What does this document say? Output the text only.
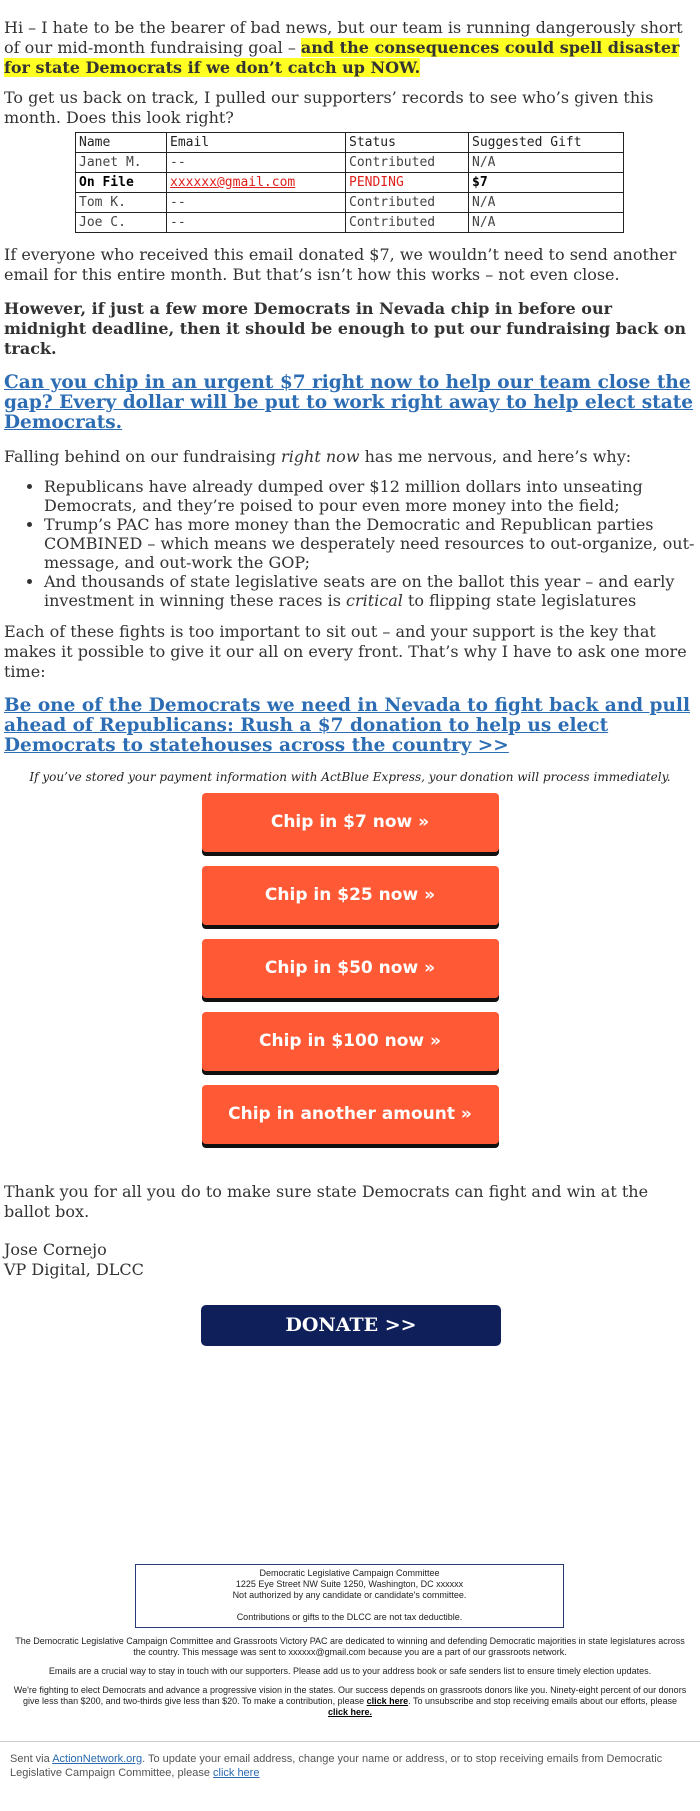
Hi – I hate to be the bearer of bad news, but our team is running dangerously short of our mid-month fundraising goal – and the consequences could spell disaster for state Democrats if we don’t catch up NOW.

To get us back on track, I pulled our supporters’ records to see who’s given this month. Does this look right?

Name	Email	Status	Suggested Gift
Janet M.	--	Contributed	N/A
On File	xxxxxx@gmail.com	PENDING	$7
Tom K.	--	Contributed	N/A
Joe C.	--	Contributed	N/A

If everyone who received this email donated $7, we wouldn’t need to send another email for this entire month. But that’s isn’t how this works – not even close.

However, if just a few more Democrats in Nevada chip in before our midnight deadline, then it should be enough to put our fundraising back on track.

Can you chip in an urgent $7 right now to help our team close the gap? Every dollar will be put to work right away to help elect state Democrats.

Falling behind on our fundraising right now has me nervous, and here’s why:

• Republicans have already dumped over $12 million dollars into unseating Democrats, and they’re poised to pour even more money into the field;
• Trump’s PAC has more money than the Democratic and Republican parties COMBINED – which means we desperately need resources to out-organize, out-message, and out-work the GOP;
• And thousands of state legislative seats are on the ballot this year – and early investment in winning these races is critical to flipping state legislatures

Each of these fights is too important to sit out – and your support is the key that makes it possible to give it our all on every front. That’s why I have to ask one more time:

Be one of the Democrats we need in Nevada to fight back and pull ahead of Republicans: Rush a $7 donation to help us elect Democrats to statehouses across the country >>

If you’ve stored your payment information with ActBlue Express, your donation will process immediately.

Chip in $7 now »
Chip in $25 now »
Chip in $50 now »
Chip in $100 now »
Chip in another amount »

Thank you for all you do to make sure state Democrats can fight and win at the ballot box.

Jose Cornejo
VP Digital, DLCC

DONATE >>
Democratic Legislative Campaign Committee
1225 Eye Street NW Suite 1250, Washington, DC xxxxxx
Not authorized by any candidate or candidate's committee.
Contributions or gifts to the DLCC are not tax deductible.

The Democratic Legislative Campaign Committee and Grassroots Victory PAC are dedicated to winning and defending Democratic majorities in state legislatures across the country. This message was sent to xxxxxx@gmail.com because you are a part of our grassroots network.

Emails are a crucial way to stay in touch with our supporters. Please add us to your address book or safe senders list to ensure timely election updates.

We're fighting to elect Democrats and advance a progressive vision in the states. Our success depends on grassroots donors like you. Ninety-eight percent of our donors give less than $200, and two-thirds give less than $20. To make a contribution, please click here. To unsubscribe and stop receiving emails about our efforts, please click here.

Sent via ActionNetwork.org. To update your email address, change your name or address, or to stop receiving emails from Democratic Legislative Campaign Committee, please click here
